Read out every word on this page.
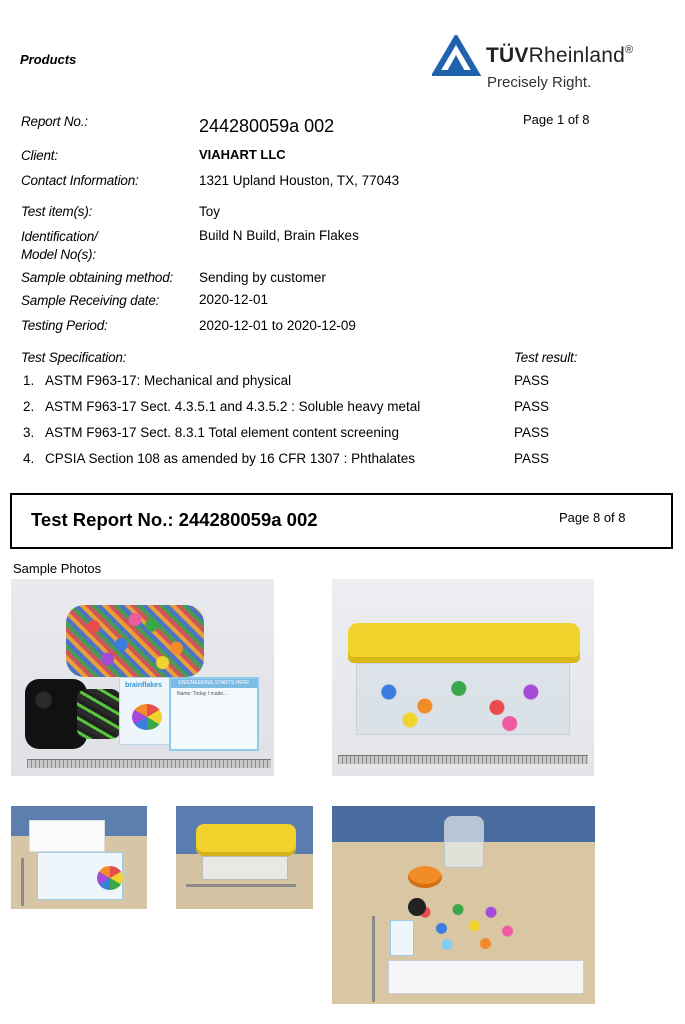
Products	TÜVRheinland®
Precisely Right.
Report No.:	244280059a 002	Page 1 of 8
Client:	VIAHART LLC
Contact Information:	1321 Upland Houston, TX, 77043
Test item(s):	Toy
Identification/
Model No(s):
Build N Build, Brain Flakes
Sample obtaining method: Sending by customer
Sample Receiving date:	2020-12-01
Testing Period:	2020-12-01 to 2020-12-09
Test Specification:	Test result:
1. ASTM F963-17: Mechanical and physical	PASS
2. ASTM F963-17 Sect. 4.3.5.1 and 4.3.5.2 : Soluble heavy metal	PASS
3. ASTM F963-17 Sect. 8.3.1 Total element content screening	PASS
4. CPSIA Section 108 as amended by 16 CFR 1307 : Phthalates	PASS
Test Report No.: 244280059a 002	Page 8 of 8
Sample Photos
brainflakes	ENGINEERING STARTS HERE
Name: Today I made...
